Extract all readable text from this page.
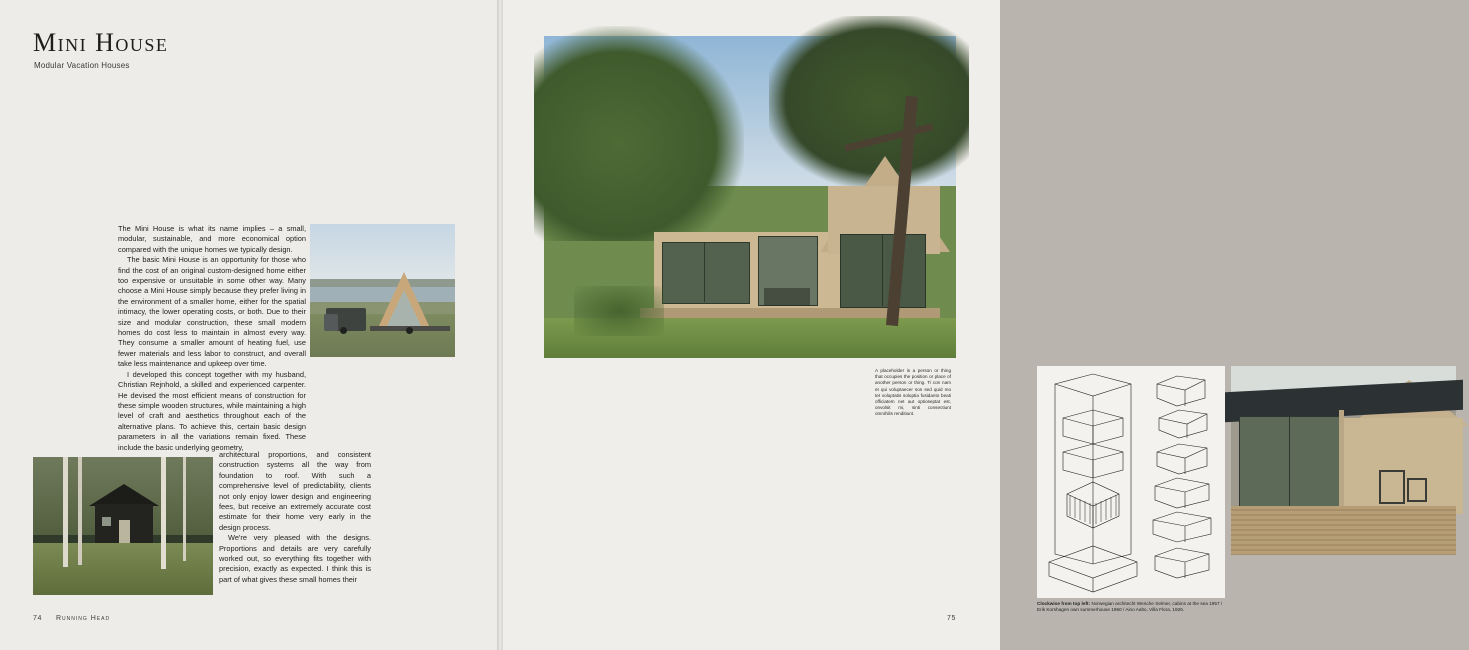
Mini House
Modular Vacation Houses

The Mini House is what its name implies – a small, modular, sustainable, and more economical option compared with the unique homes we typically design.

The basic Mini House is an opportunity for those who find the cost of an original custom-designed home either too expensive or unsuitable in some other way. Many choose a Mini House simply because they prefer living in the environment of a smaller home, either for the spatial intimacy, the lower operating costs, or both. Due to their size and modular construction, these small modern homes do cost less to maintain in almost every way. They consume a smaller amount of heating fuel, use fewer materials and less labor to construct, and overall take less maintenance and upkeep over time.

I developed this concept together with my husband, Christian Rejnhold, a skilled and experienced carpenter. He devised the most efficient means of construction for these simple wooden structures, while maintaining a high level of craft and aesthetics throughout each of the alternative plans. To achieve this, certain basic design parameters in all the variations remain fixed. These include the basic underlying geometry,

architectural proportions, and consistent construction systems all the way from foundation to roof. With such a comprehensive level of predictability, clients not only enjoy lower design and engineering fees, but receive an extremely accurate cost estimate for their home very early in the design process.

We're very pleased with the designs. Proportions and details are very carefully worked out, so everything fits together with precision, exactly as expected. I think this is part of what gives these small homes their

74 Running Head
A placeholder is a person or thing that occupies the position or place of another person or thing. Ti con nam et qui voluptaecer son sed quid mo tet voluptatis soluptia fusidanto beati officiatem net aut optioseptat est, onvolsit mi, sinti consectiunt omnihilis renditiunt.
Clockwise from top left: Norwegian architecht Wenche Selmer, cabins at the sea 1957 / Erik Korshagen own summerhouse 1960 / Aino Aalto, Villa Flora, 1926.
75
